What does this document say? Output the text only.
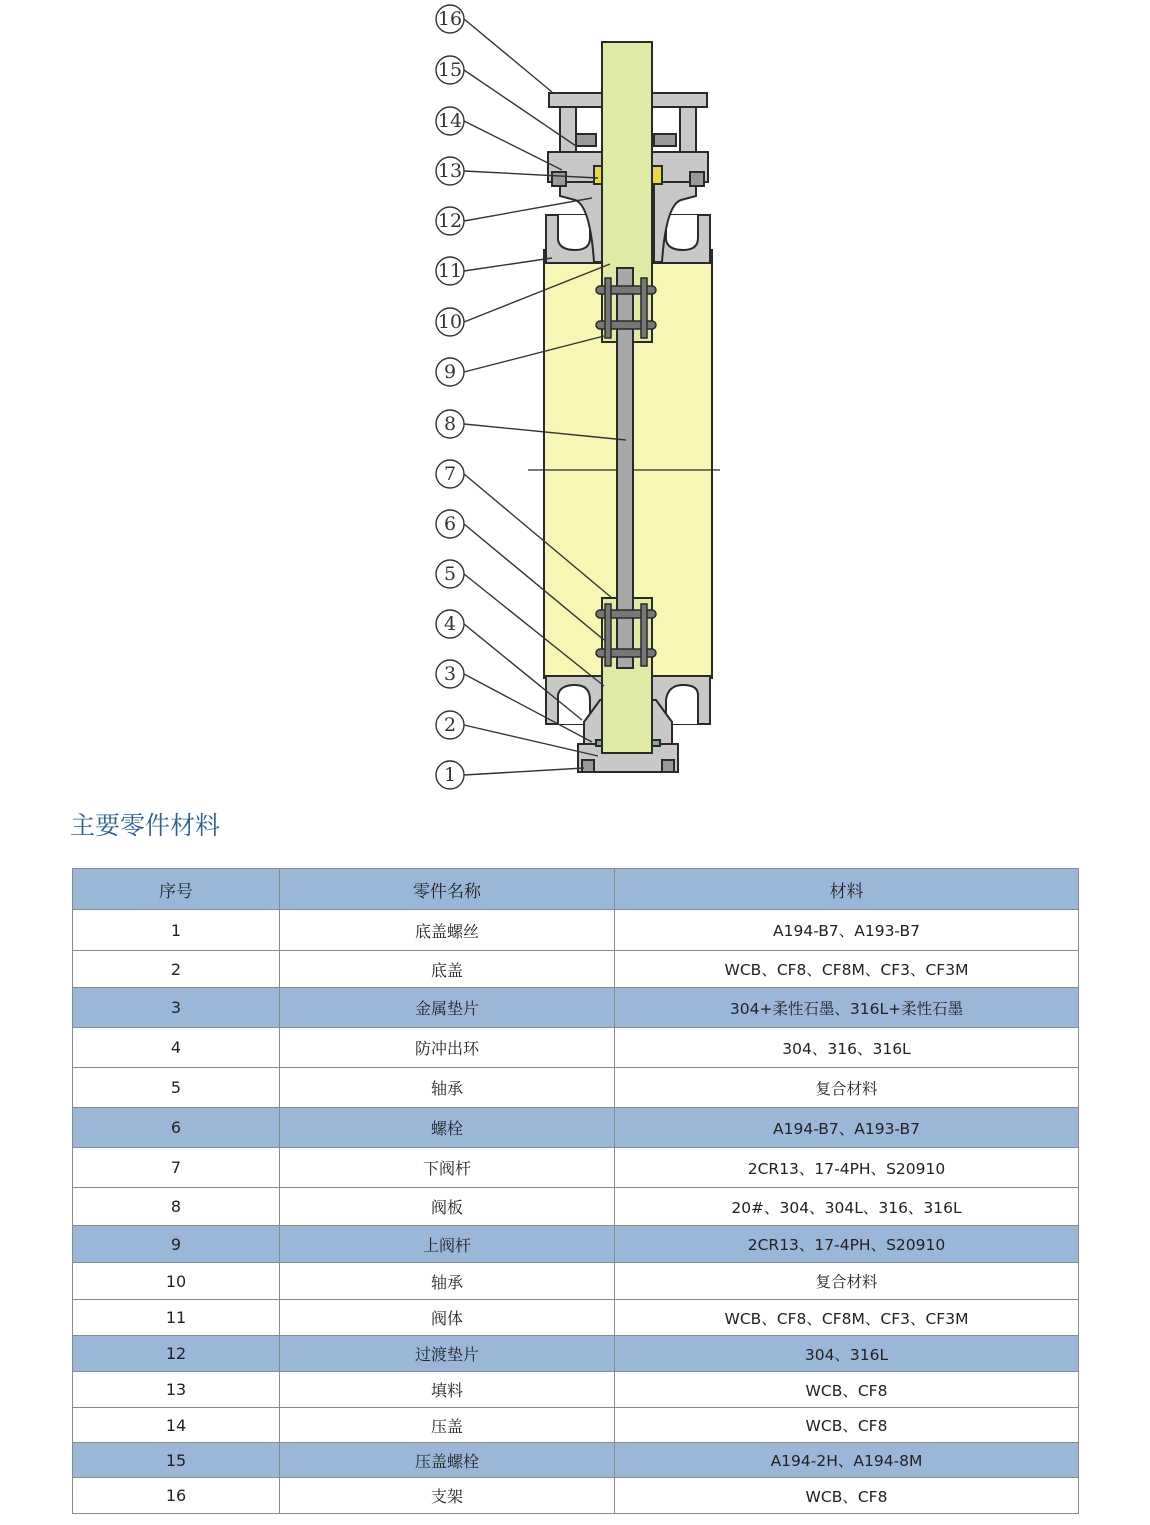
16
15
14
13
12
11
10
9
8
7
6
5
4
3
2
1
主要零件材料
序号	零件名称	材料
1	底盖螺丝	A194-B7、A193-B7
2	底盖	WCB、CF8、CF8M、CF3、CF3M
3	金属垫片	304+柔性石墨、316L+柔性石墨
4	防冲出环	304、316、316L
5	轴承	复合材料
6	螺栓	A194-B7、A193-B7
7	下阀杆	2CR13、17-4PH、S20910
8	阀板	20#、304、304L、316、316L
9	上阀杆	2CR13、17-4PH、S20910
10	轴承	复合材料
11	阀体	WCB、CF8、CF8M、CF3、CF3M
12	过渡垫片	304、316L
13	填料	WCB、CF8
14	压盖	WCB、CF8
15	压盖螺栓	A194-2H、A194-8M
16	支架	WCB、CF8
